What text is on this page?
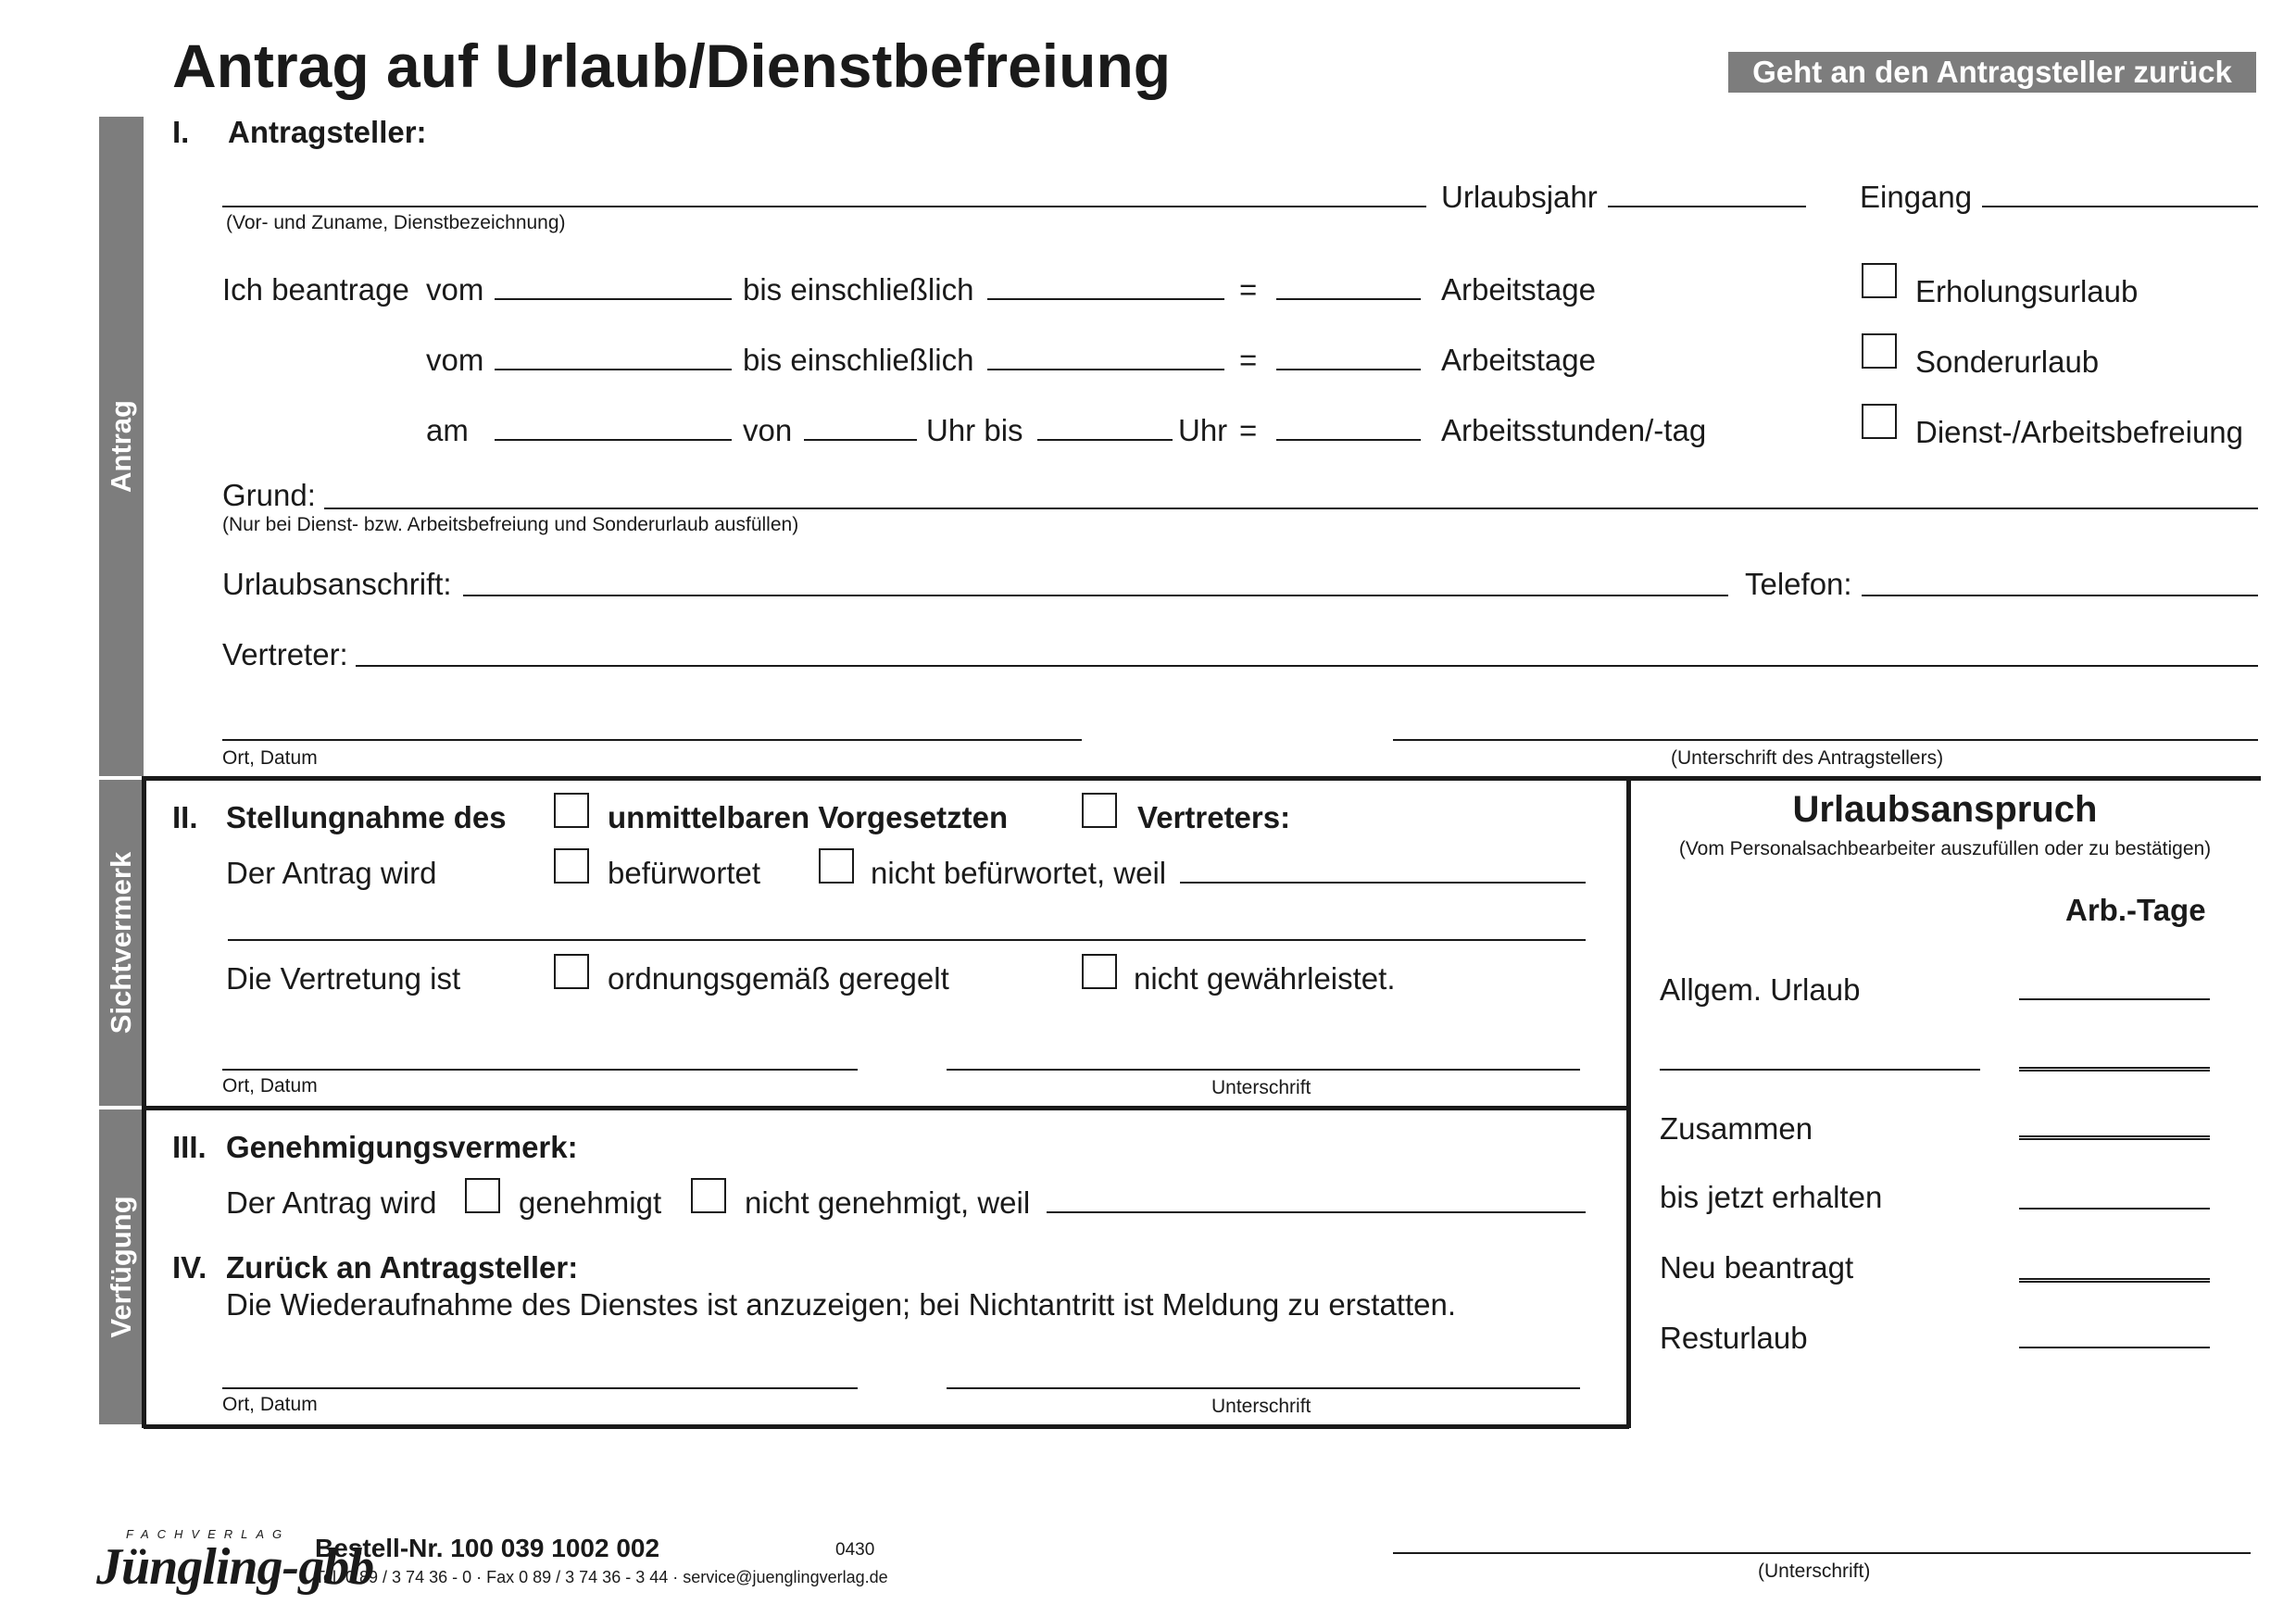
Antrag auf Urlaub/Dienstbefreiung	Geht an den Antragsteller zurück
Antrag
Sichtvermerk
Verfügung
I. Antragsteller:
(Vor- und Zuname, Dienstbezeichnung)
Urlaubsjahr	Eingang
Ich beantrage vom	bis einschließlich	=	Arbeitstage	Erholungsurlaub
vom	bis einschließlich	=	Arbeitstage	Sonderurlaub
am	von	Uhr bis	Uhr =	Arbeitsstunden/-tag	Dienst-/Arbeitsbefreiung
Grund:
(Nur bei Dienst- bzw. Arbeitsbefreiung und Sonderurlaub ausfüllen)
Urlaubsanschrift:	Telefon:
Vertreter:
Ort, Datum	(Unterschrift des Antragstellers)
II. Stellungnahme des	unmittelbaren Vorgesetzten	Vertreters:
Der Antrag wird	befürwortet	nicht befürwortet, weil
Die Vertretung ist	ordnungsgemäß geregelt	nicht gewährleistet.
Ort, Datum	Unterschrift
III. Genehmigungsvermerk:
Der Antrag wird	genehmigt	nicht genehmigt, weil
IV. Zurück an Antragsteller:
Die Wiederaufnahme des Dienstes ist anzuzeigen; bei Nichtantritt ist Meldung zu erstatten.
Ort, Datum	Unterschrift
Urlaubsanspruch
(Vom Personalsachbearbeiter auszufüllen oder zu bestätigen)
Arb.-Tage
Allgem. Urlaub
Zusammen
bis jetzt erhalten
Neu beantragt
Resturlaub
FACHVERLAG
Jüngling-gbb
Bestell-Nr. 100 039 1002 002	0430
Tel. 0 89 / 3 74 36 - 0 · Fax 0 89 / 3 74 36 - 3 44 · service@juenglingverlag.de	(Unterschrift)
